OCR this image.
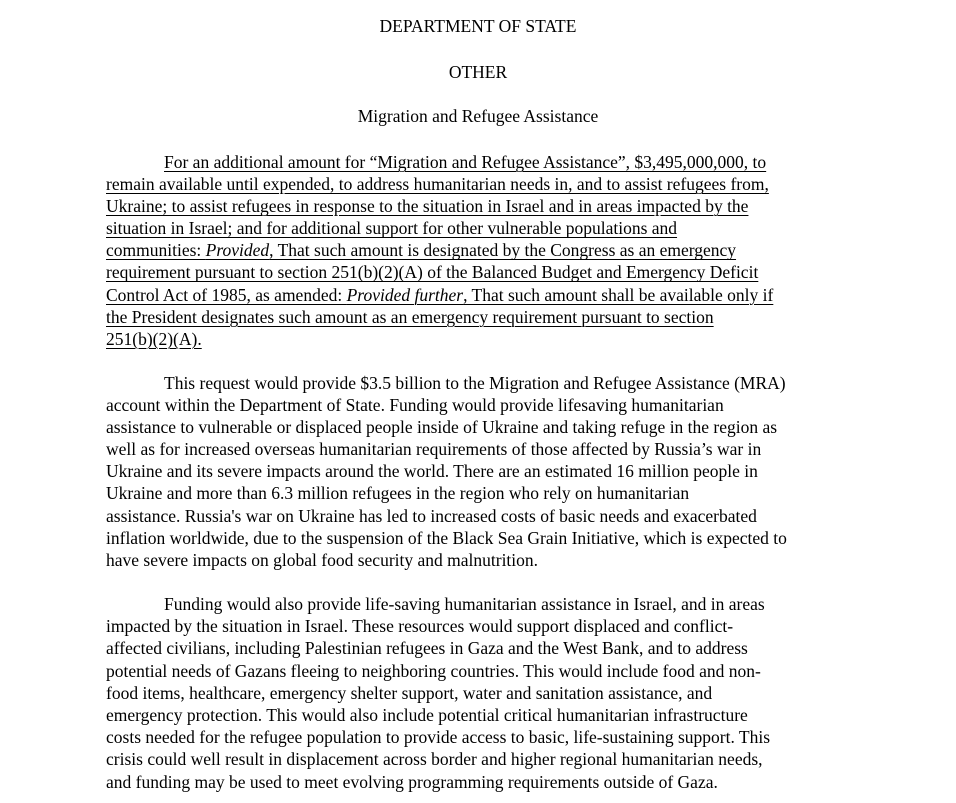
DEPARTMENT OF STATE
OTHER
Migration and Refugee Assistance
For an additional amount for “Migration and Refugee Assistance”, $3,495,000,000, to
remain available until expended, to address humanitarian needs in, and to assist refugees from,
Ukraine; to assist refugees in response to the situation in Israel and in areas impacted by the
situation in Israel; and for additional support for other vulnerable populations and
communities: Provided, That such amount is designated by the Congress as an emergency
requirement pursuant to section 251(b)(2)(A) of the Balanced Budget and Emergency Deficit
Control Act of 1985, as amended: Provided further, That such amount shall be available only if
the President designates such amount as an emergency requirement pursuant to section
251(b)(2)(A).
This request would provide $3.5 billion to the Migration and Refugee Assistance (MRA)
account within the Department of State. Funding would provide lifesaving humanitarian
assistance to vulnerable or displaced people inside of Ukraine and taking refuge in the region as
well as for increased overseas humanitarian requirements of those affected by Russia’s war in
Ukraine and its severe impacts around the world. There are an estimated 16 million people in
Ukraine and more than 6.3 million refugees in the region who rely on humanitarian
assistance. Russia's war on Ukraine has led to increased costs of basic needs and exacerbated
inflation worldwide, due to the suspension of the Black Sea Grain Initiative, which is expected to
have severe impacts on global food security and malnutrition.
Funding would also provide life-saving humanitarian assistance in Israel, and in areas
impacted by the situation in Israel. These resources would support displaced and conflict-
affected civilians, including Palestinian refugees in Gaza and the West Bank, and to address
potential needs of Gazans fleeing to neighboring countries. This would include food and non-
food items, healthcare, emergency shelter support, water and sanitation assistance, and
emergency protection. This would also include potential critical humanitarian infrastructure
costs needed for the refugee population to provide access to basic, life-sustaining support. This
crisis could well result in displacement across border and higher regional humanitarian needs,
and funding may be used to meet evolving programming requirements outside of Gaza.
